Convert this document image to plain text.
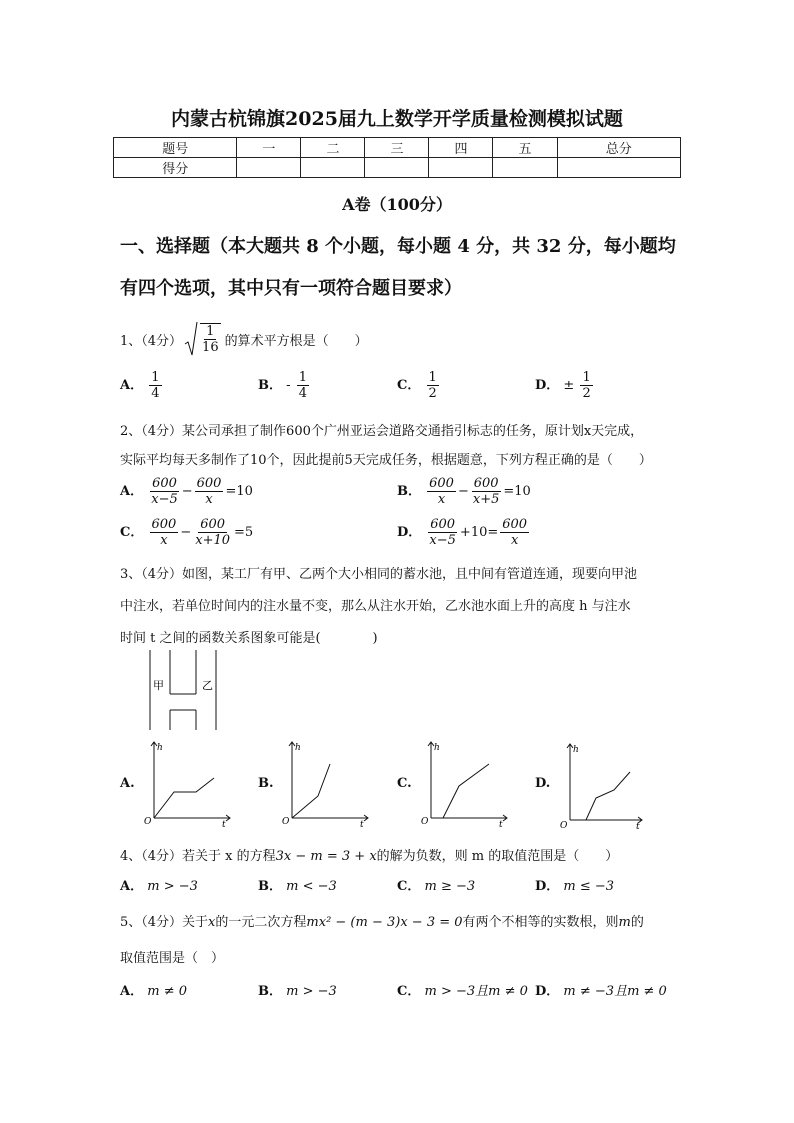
内蒙古杭锦旗2025届九上数学开学质量检测模拟试题
题号	一	二	三	四	五	总分
得分						
A卷（100分）
一、选择题（本大题共 8 个小题，每小题 4 分，共 32 分，每小题均
有四个选项，其中只有一项符合题目要求）
1、（4分） $\frac{1}{16}$ 的算术平方根是（　　）
A． $\frac{1}{4}$	B． - $\frac{1}{4}$	C． $\frac{1}{2}$	D． ± $\frac{1}{2}$
2、（4分）某公司承担了制作600个广州亚运会道路交通指引标志的任务，原计划x天完成，
实际平均每天多制作了10个，因此提前5天完成任务，根据题意，下列方程正确的是（　　）
A． $\frac{600}{x-5} - \frac{600}{x} =10$	B． $\frac{600}{x} - \frac{600}{x+5} =10$
C． $\frac{600}{x} - \frac{600}{x+10} =5$	D． $\frac{600}{x-5} +10= \frac{600}{x}$
3、（4分）如图，某工厂有甲、乙两个大小相同的蓄水池，且中间有管道连通，现要向甲池
中注水，若单位时间内的注水量不变，那么从注水开始，乙水池水面上升的高度 h 与注水
时间 t 之间的函数关系图象可能是(　　　　)
甲	乙
A.
h
t
O
B.
h
t
O
C.
h
t
O
D.
h
t
O
4、（4分）若关于 x 的方程3x − m = 3 + x的解为负数，则 m 的取值范围是（　　）
A． m > −3	B． m < −3	C． m ≥ −3	D． m ≤ −3
5、（4分）关于x的一元二次方程mx² − (m − 3)x − 3 = 0有两个不相等的实数根，则m的
取值范围是（　）
A． m ≠ 0	B． m > −3	C． m > −3且m ≠ 0 D． m ≠ −3且m ≠ 0
